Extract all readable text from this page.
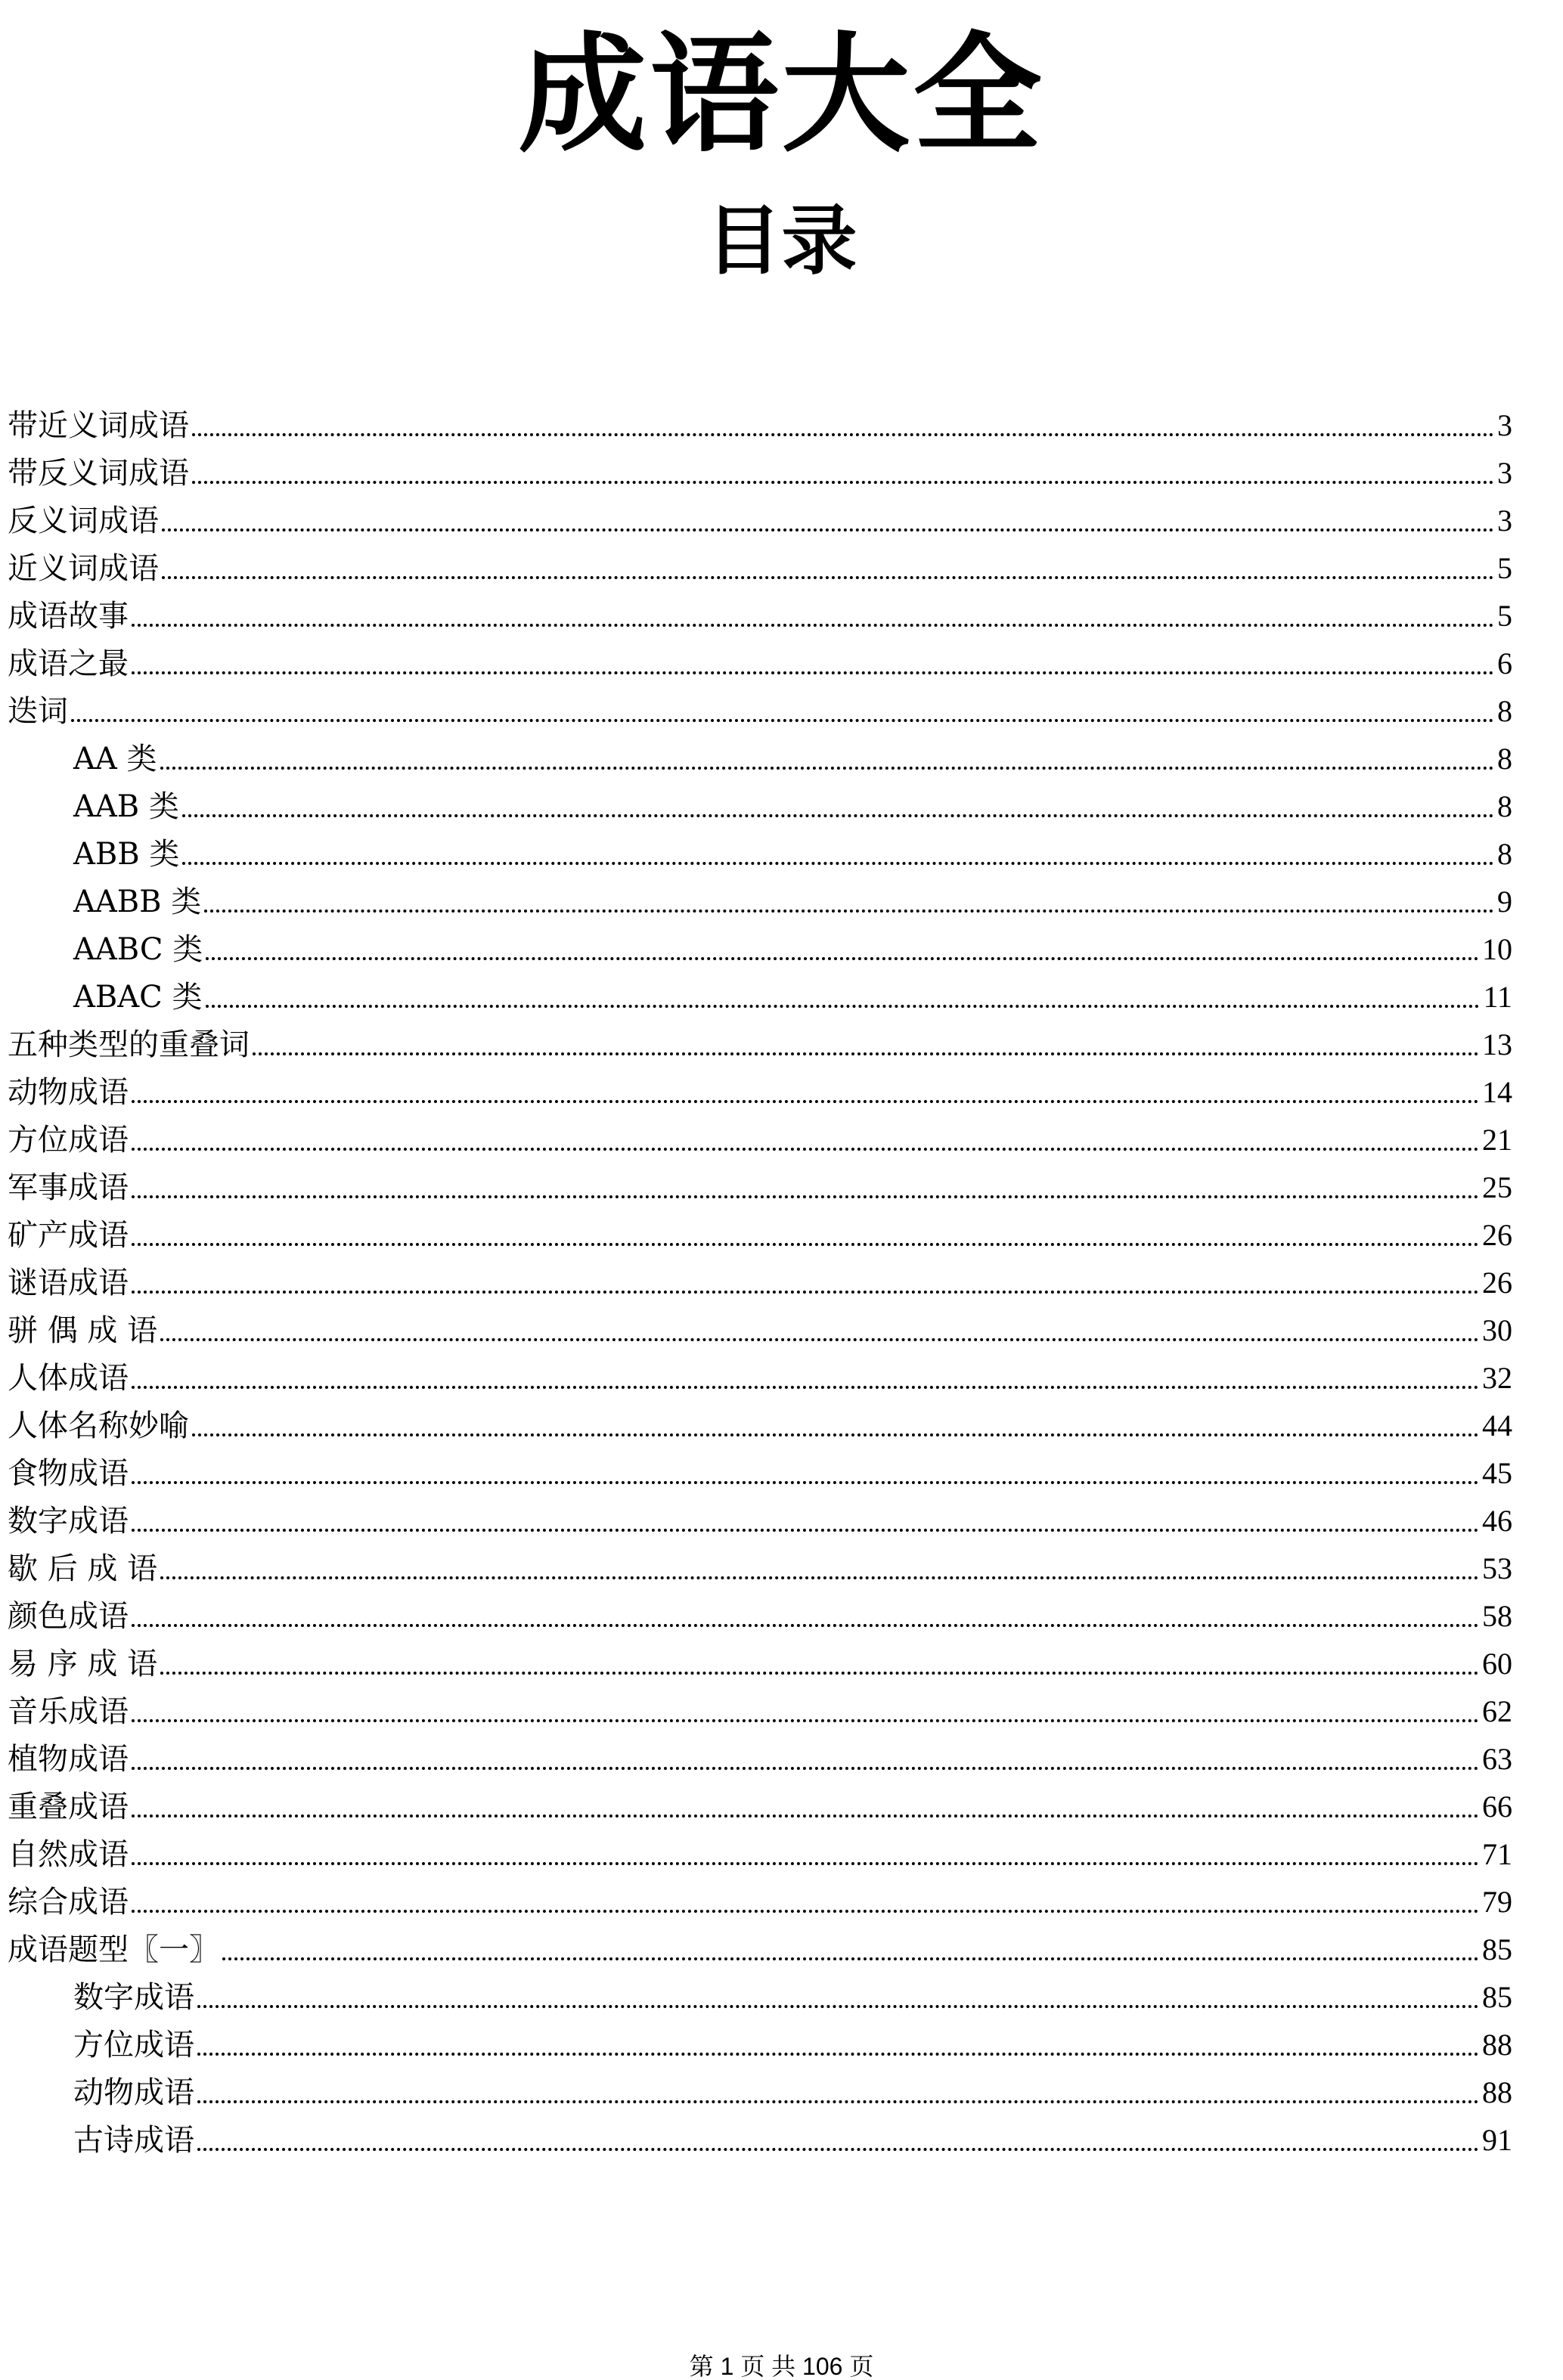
成语大全
目录
带近义词成语	3
带反义词成语	3
反义词成语	3
近义词成语	5
成语故事	5
成语之最	6
迭词	8
AA 类	8
AAB 类	8
ABB 类	8
AABB 类	9
AABC 类	10
ABAC 类	11
五种类型的重叠词	13
动物成语	14
方位成语	21
军事成语	25
矿产成语	26
谜语成语	26
骈 偶 成 语	30
人体成语	32
人体名称妙喻	44
食物成语	45
数字成语	46
歇 后 成 语	53
颜色成语	58
易 序 成 语	60
音乐成语	62
植物成语	63
重叠成语	66
自然成语	71
综合成语	79
成语题型〖一〗	85
数字成语	85
方位成语	88
动物成语	88
古诗成语	91
第 1 页 共 106 页
